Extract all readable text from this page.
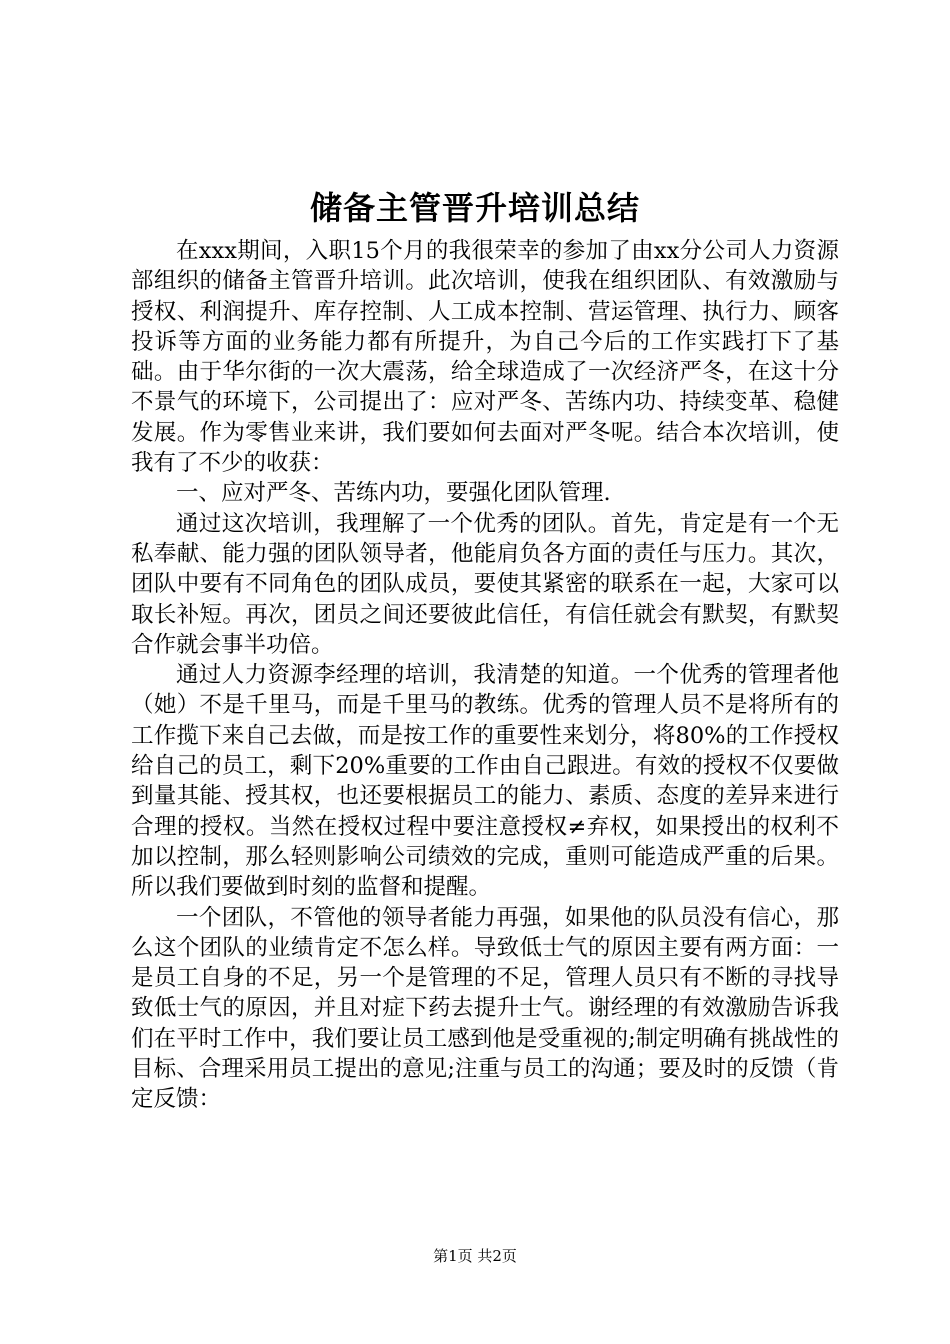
储备主管晋升培训总结

在xxx期间，入职15个月的我很荣幸的参加了由xx分公司人力资源部组织的储备主管晋升培训。此次培训，使我在组织团队、有效激励与授权、利润提升、库存控制、人工成本控制、营运管理、执行力、顾客投诉等方面的业务能力都有所提升，为自己今后的工作实践打下了基础。由于华尔街的一次大震荡，给全球造成了一次经济严冬，在这十分不景气的环境下，公司提出了：应对严冬、苦练内功、持续变革、稳健发展。作为零售业来讲，我们要如何去面对严冬呢。结合本次培训，使我有了不少的收获：

一、应对严冬、苦练内功，要强化团队管理.

通过这次培训，我理解了一个优秀的团队。首先，肯定是有一个无私奉献、能力强的团队领导者，他能肩负各方面的责任与压力。其次，团队中要有不同角色的团队成员，要使其紧密的联系在一起，大家可以取长补短。再次，团员之间还要彼此信任，有信任就会有默契，有默契合作就会事半功倍。

通过人力资源李经理的培训，我清楚的知道。一个优秀的管理者他（她）不是千里马，而是千里马的教练。优秀的管理人员不是将所有的工作揽下来自己去做，而是按工作的重要性来划分，将80%的工作授权给自己的员工，剩下20%重要的工作由自己跟进。有效的授权不仅要做到量其能、授其权，也还要根据员工的能力、素质、态度的差异来进行合理的授权。当然在授权过程中要注意授权≠弃权，如果授出的权利不加以控制，那么轻则影响公司绩效的完成，重则可能造成严重的后果。所以我们要做到时刻的监督和提醒。

一个团队，不管他的领导者能力再强，如果他的队员没有信心，那么这个团队的业绩肯定不怎么样。导致低士气的原因主要有两方面：一是员工自身的不足，另一个是管理的不足，管理人员只有不断的寻找导致低士气的原因，并且对症下药去提升士气。谢经理的有效激励告诉我们在平时工作中，我们要让员工感到他是受重视的;制定明确有挑战性的目标、合理采用员工提出的意见;注重与员工的沟通；要及时的反馈（肯定反馈：

第1页 共2页
